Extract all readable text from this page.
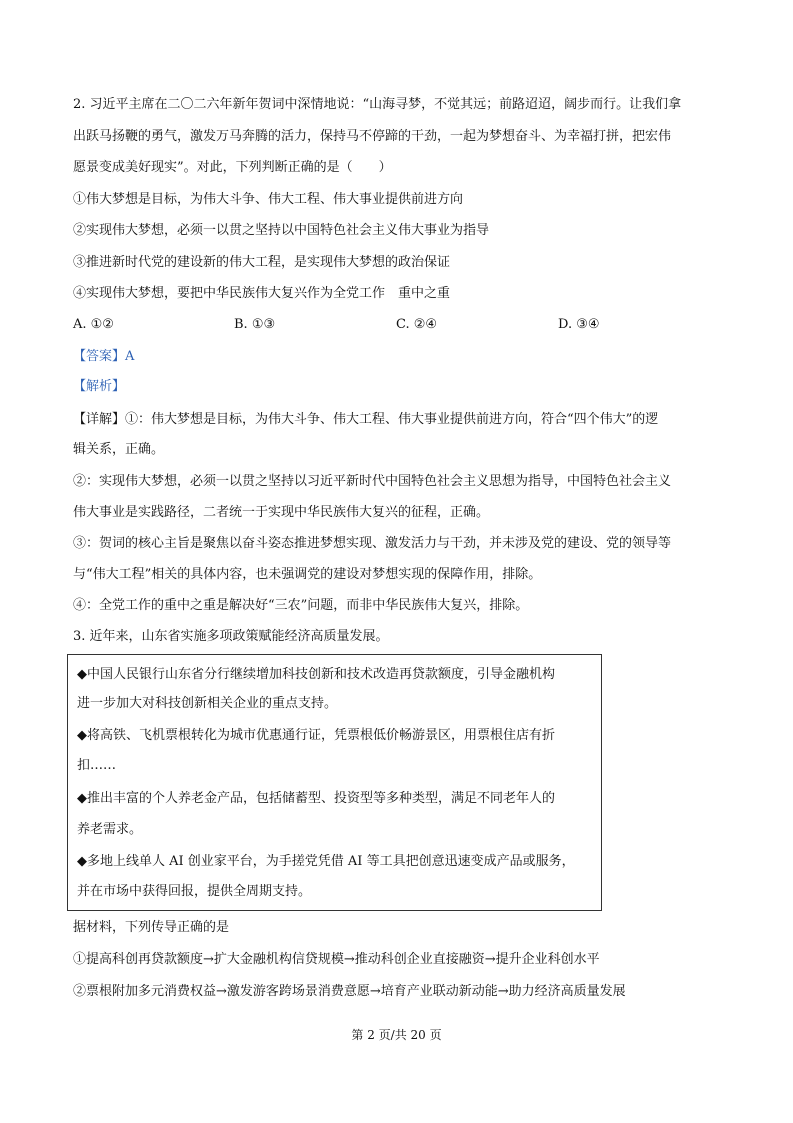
2. 习近平主席在二〇二六年新年贺词中深情地说：“山海寻梦，不觉其远；前路迢迢，阔步而行。让我们拿
出跃马扬鞭的勇气，激发万马奔腾的活力，保持马不停蹄的干劲，一起为梦想奋斗、为幸福打拼，把宏伟
愿景变成美好现实”。对此，下列判断正确的是（　　）
①伟大梦想是目标，为伟大斗争、伟大工程、伟大事业提供前进方向
②实现伟大梦想，必须一以贯之坚持以中国特色社会主义伟大事业为指导
③推进新时代党的建设新的伟大工程，是实现伟大梦想的政治保证
④实现伟大梦想，要把中华民族伟大复兴作为全党工作　重中之重
A. ①②	B. ①③	C. ②④	D. ③④
【答案】A
【解析】
【详解】①：伟大梦想是目标，为伟大斗争、伟大工程、伟大事业提供前进方向，符合“四个伟大”的逻
辑关系，正确。
②：实现伟大梦想，必须一以贯之坚持以习近平新时代中国特色社会主义思想为指导，中国特色社会主义
伟大事业是实践路径，二者统一于实现中华民族伟大复兴的征程，正确。
③：贺词的核心主旨是聚焦以奋斗姿态推进梦想实现、激发活力与干劲，并未涉及党的建设、党的领导等
与“伟大工程”相关的具体内容，也未强调党的建设对梦想实现的保障作用，排除。
④：全党工作的重中之重是解决好“三农”问题，而非中华民族伟大复兴，排除。
3. 近年来，山东省实施多项政策赋能经济高质量发展。
◆中国人民银行山东省分行继续增加科技创新和技术改造再贷款额度，引导金融机构
进一步加大对科技创新相关企业的重点支持。
◆将高铁、飞机票根转化为城市优惠通行证，凭票根低价畅游景区，用票根住店有折
扣……
◆推出丰富的个人养老金产品，包括储蓄型、投资型等多种类型，满足不同老年人的
养老需求。
◆多地上线单人 AI 创业家平台，为手搓党凭借 AI 等工具把创意迅速变成产品或服务，
并在市场中获得回报，提供全周期支持。
据材料，下列传导正确的是
①提高科创再贷款额度→扩大金融机构信贷规模→推动科创企业直接融资→提升企业科创水平
②票根附加多元消费权益→激发游客跨场景消费意愿→培育产业联动新动能→助力经济高质量发展
第 2 页/共 20 页
